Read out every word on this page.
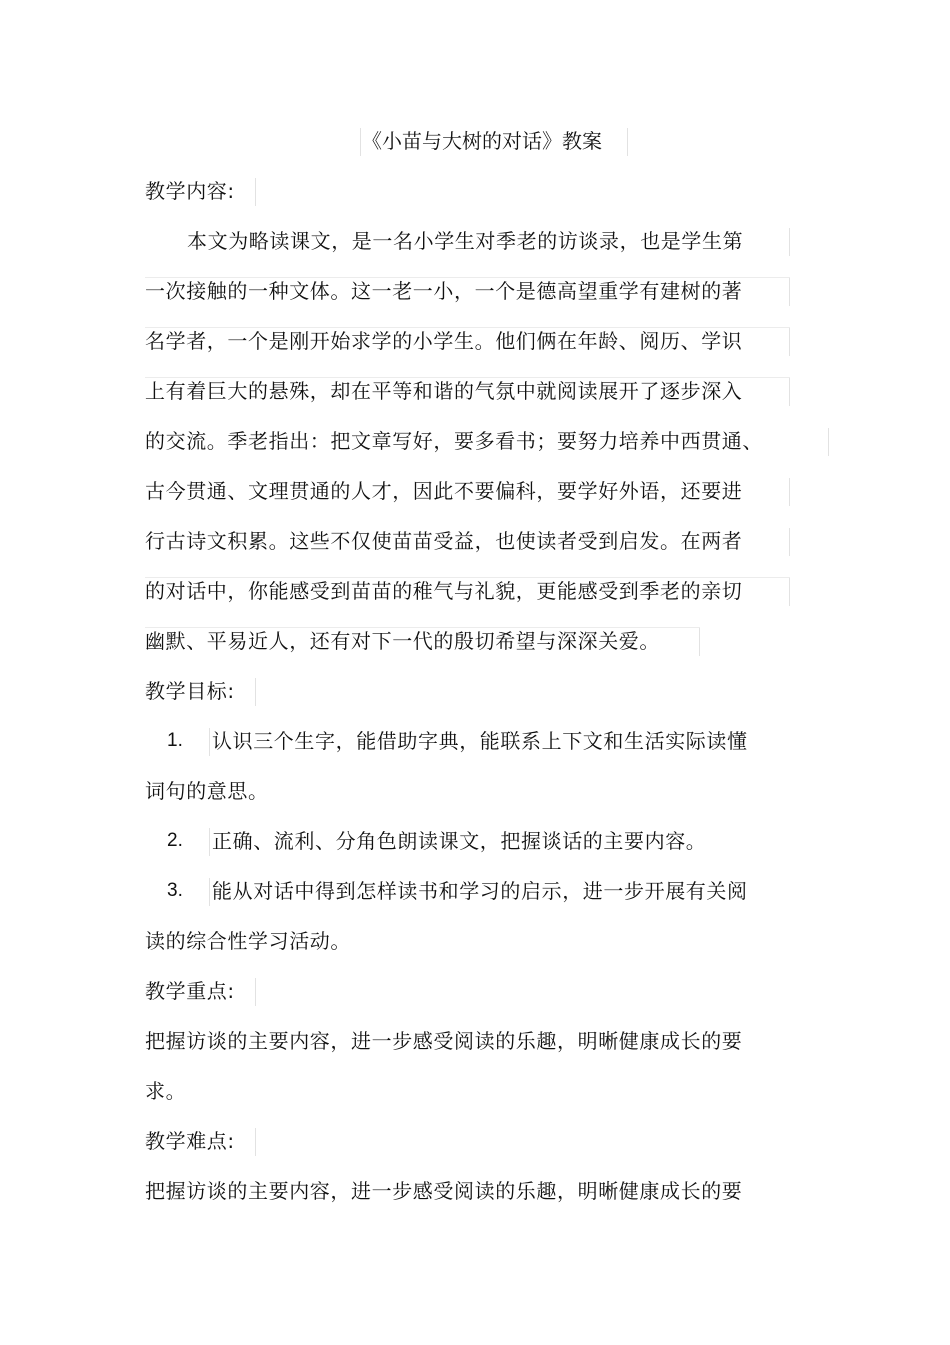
《小苗与大树的对话》教案
教学内容:
本文为略读课文，是一名小学生对季老的访谈录，也是学生第
一次接触的一种文体。这一老一小，一个是德高望重学有建树的著
名学者，一个是刚开始求学的小学生。他们俩在年龄、阅历、学识
上有着巨大的悬殊，却在平等和谐的气氛中就阅读展开了逐步深入
的交流。季老指出：把文章写好，要多看书；要努力培养中西贯通、
古今贯通、文理贯通的人才，因此不要偏科，要学好外语，还要进
行古诗文积累。这些不仅使苗苗受益，也使读者受到启发。在两者
的对话中，你能感受到苗苗的稚气与礼貌，更能感受到季老的亲切
幽默、平易近人，还有对下一代的殷切希望与深深关爱。
教学目标:
1. 认识三个生字，能借助字典，能联系上下文和生活实际读懂
词句的意思。
2. 正确、流利、分角色朗读课文，把握谈话的主要内容。
3. 能从对话中得到怎样读书和学习的启示，进一步开展有关阅
读的综合性学习活动。
教学重点:
把握访谈的主要内容，进一步感受阅读的乐趣，明晰健康成长的要
求。
教学难点:
把握访谈的主要内容，进一步感受阅读的乐趣，明晰健康成长的要
